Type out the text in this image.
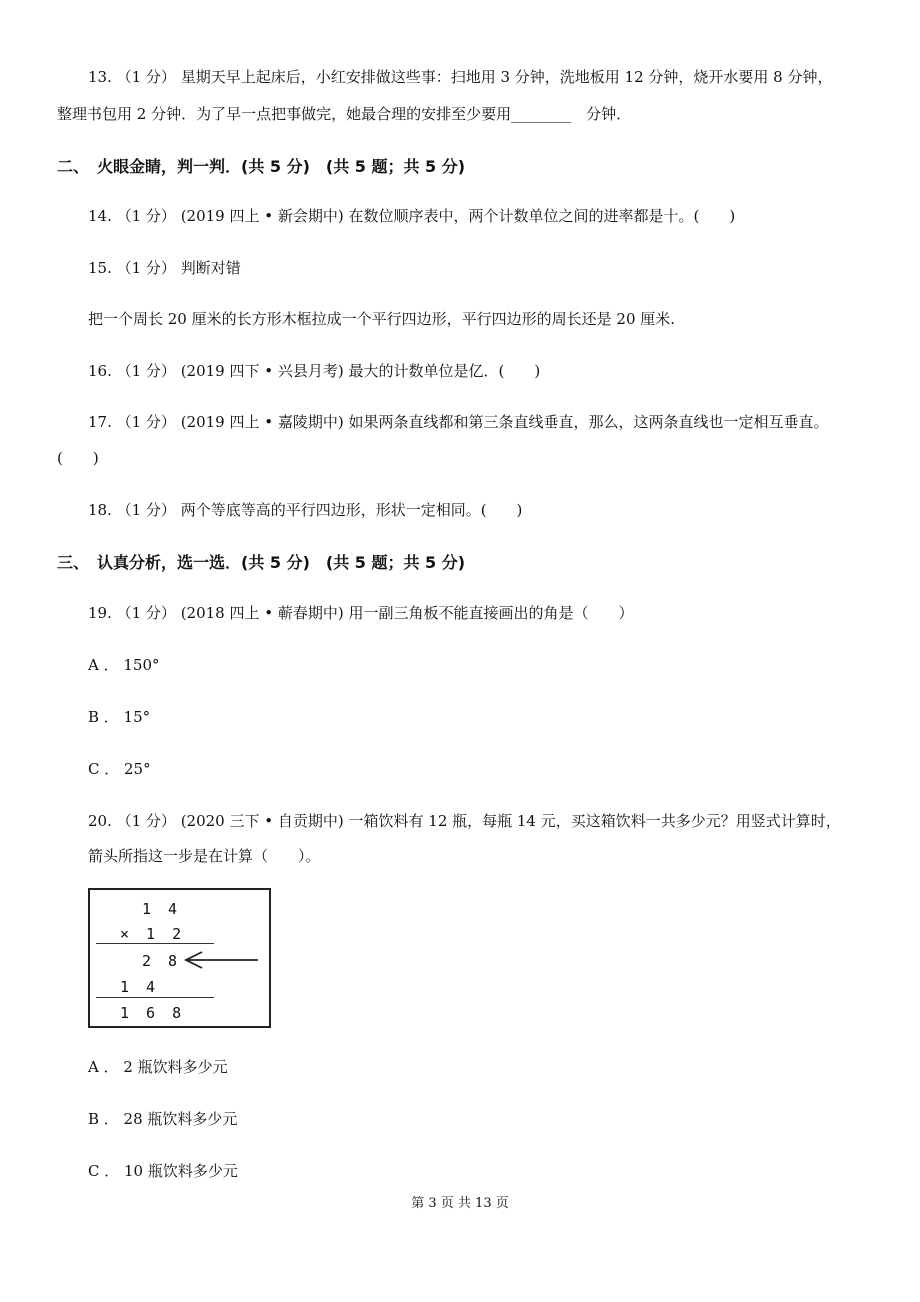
13. （1 分） 星期天早上起床后，小红安排做这些事：扫地用 3 分钟，洗地板用 12 分钟，烧开水要用 8 分钟，
整理书包用 2 分钟．为了早一点把事做完，她最合理的安排至少要用________　分钟．
二、　火眼金睛，判一判．(共 5 分)　(共 5 题；共 5 分)
14. （1 分） (2019 四上 • 新会期中) 在数位顺序表中，两个计数单位之间的进率都是十。(　　)
15. （1 分） 判断对错
把一个周长 20 厘米的长方形木框拉成一个平行四边形，平行四边形的周长还是 20 厘米.
16. （1 分） (2019 四下 • 兴县月考) 最大的计数单位是亿．(　　)
17. （1 分） (2019 四上 • 嘉陵期中) 如果两条直线都和第三条直线垂直，那么，这两条直线也一定相互垂直。
(　　)
18. （1 分） 两个等底等高的平行四边形，形状一定相同。(　　)
三、　认真分析，选一选．(共 5 分)　(共 5 题；共 5 分)
19. （1 分） (2018 四上 • 蕲春期中) 用一副三角板不能直接画出的角是（　　）
A ． 150°
B ． 15°
C ． 25°
20. （1 分） (2020 三下 • 自贡期中) 一箱饮料有 12 瓶，每瓶 14 元，买这箱饮料一共多少元？用竖式计算时，
箭头所指这一步是在计算（　　）。
1 4
× 1 2
2 8
1 4
1 6 8
A ． 2 瓶饮料多少元
B ． 28 瓶饮料多少元
C ． 10 瓶饮料多少元
第 3 页 共 13 页
